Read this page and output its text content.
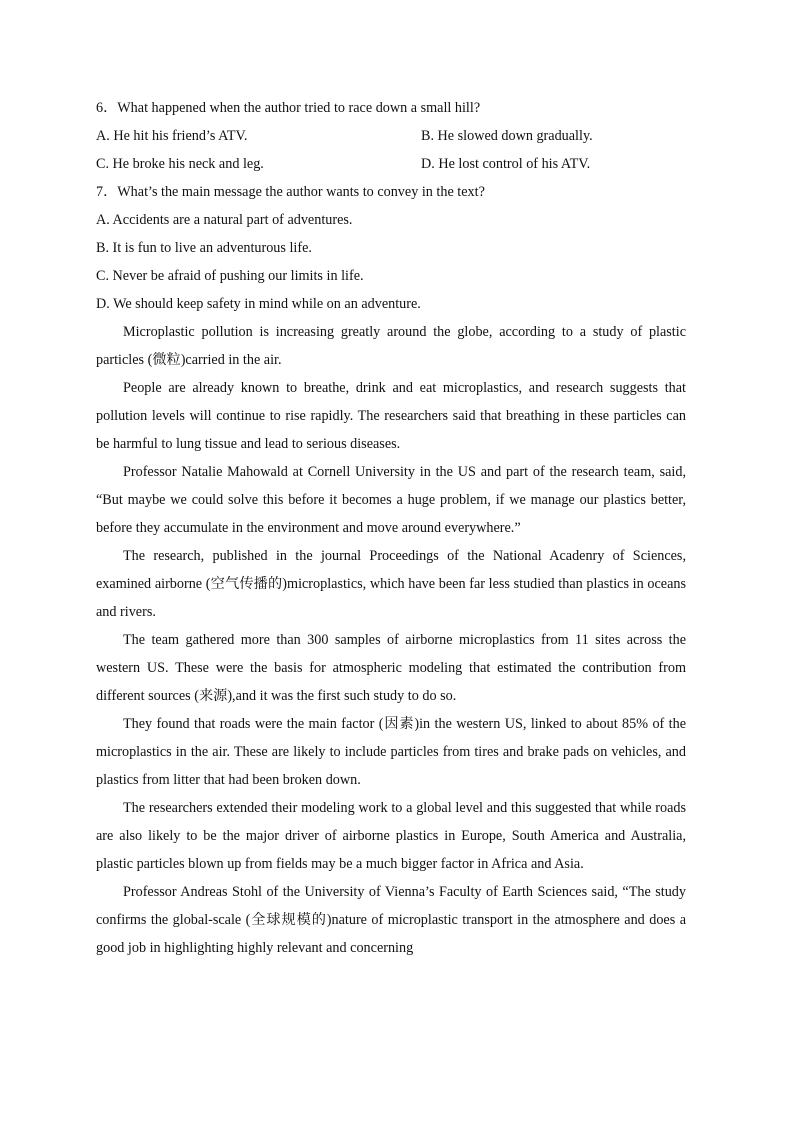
6．What happened when the author tried to race down a small hill?
A. He hit his friend’s ATV.	B. He slowed down gradually.
C. He broke his neck and leg.	D. He lost control of his ATV.
7．What’s the main message the author wants to convey in the text?
A. Accidents are a natural part of adventures.
B. It is fun to live an adventurous life.
C. Never be afraid of pushing our limits in life.
D. We should keep safety in mind while on an adventure.

Microplastic pollution is increasing greatly around the globe, according to a study of plastic particles (微粒)carried in the air.

People are already known to breathe, drink and eat microplastics, and research suggests that pollution levels will continue to rise rapidly. The researchers said that breathing in these particles can be harmful to lung tissue and lead to serious diseases.

Professor Natalie Mahowald at Cornell University in the US and part of the research team, said, “But maybe we could solve this before it becomes a huge problem, if we manage our plastics better, before they accumulate in the environment and move around everywhere.”

The research, published in the journal Proceedings of the National Acadenry of Sciences, examined airborne (空气传播的)microplastics, which have been far less studied than plastics in oceans and rivers.

The team gathered more than 300 samples of airborne microplastics from 11 sites across the western US. These were the basis for atmospheric modeling that estimated the contribution from different sources (来源),and it was the first such study to do so.

They found that roads were the main factor (因素)in the western US, linked to about 85% of the microplastics in the air. These are likely to include particles from tires and brake pads on vehicles, and plastics from litter that had been broken down.

The researchers extended their modeling work to a global level and this suggested that while roads are also likely to be the major driver of airborne plastics in Europe, South America and Australia, plastic particles blown up from fields may be a much bigger factor in Africa and Asia.

Professor Andreas Stohl of the University of Vienna’s Faculty of Earth Sciences said, “The study confirms the global-scale (全球规模的)nature of microplastic transport in the atmosphere and does a good job in highlighting highly relevant and concerning
